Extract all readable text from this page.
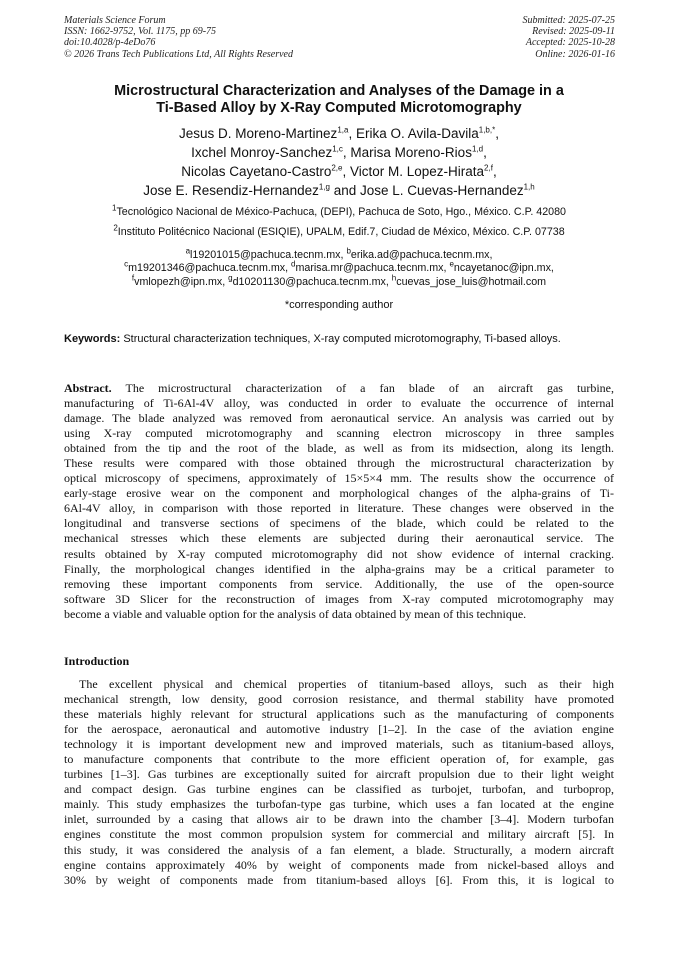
Materials Science Forum
ISSN: 1662-9752, Vol. 1175, pp 69-75
doi:10.4028/p-4eDo76
© 2026 Trans Tech Publications Ltd, All Rights Reserved
Submitted: 2025-07-25
Revised: 2025-09-11
Accepted: 2025-10-28
Online: 2026-01-16
Microstructural Characterization and Analyses of the Damage in a
Ti-Based Alloy by X-Ray Computed Microtomography
Jesus D. Moreno-Martinez$^{1,a}$, Erika O. Avila-Davila$^{1,b,*}$,
Ixchel Monroy-Sanchez$^{1,c}$, Marisa Moreno-Rios$^{1,d}$,
Nicolas Cayetano-Castro$^{2,e}$, Victor M. Lopez-Hirata$^{2,f}$,
Jose E. Resendiz-Hernandez$^{1,g}$ and Jose L. Cuevas-Hernandez$^{1,h}$
$^1$Tecnológico Nacional de México-Pachuca, (DEPI), Pachuca de Soto, Hgo., México. C.P. 42080
$^2$Instituto Politécnico Nacional (ESIQIE), UPALM, Edif.7, Ciudad de México, México. C.P. 07738
$^a$l19201015@pachuca.tecnm.mx, $^b$erika.ad@pachuca.tecnm.mx,
$^c$m19201346@pachuca.tecnm.mx, $^d$marisa.mr@pachuca.tecnm.mx, $^e$ncayetanoc@ipn.mx,
$^f$vmlopezh@ipn.mx, $^g$d10201130@pachuca.tecnm.mx, $^h$cuevas_jose_luis@hotmail.com
*corresponding author
Keywords: Structural characterization techniques, X-ray computed microtomography, Ti-based alloys.
Abstract. The microstructural characterization of a fan blade of an aircraft gas turbine,
manufacturing of Ti-6Al-4V alloy, was conducted in order to evaluate the occurrence of internal
damage. The blade analyzed was removed from aeronautical service. An analysis was carried out by
using X-ray computed microtomography and scanning electron microscopy in three samples
obtained from the tip and the root of the blade, as well as from its midsection, along its length.
These results were compared with those obtained through the microstructural characterization by
optical microscopy of specimens, approximately of 15×5×4 mm. The results show the occurrence of
early-stage erosive wear on the component and morphological changes of the alpha-grains of Ti-
6Al-4V alloy, in comparison with those reported in literature. These changes were observed in the
longitudinal and transverse sections of specimens of the blade, which could be related to the
mechanical stresses which these elements are subjected during their aeronautical service. The
results obtained by X-ray computed microtomography did not show evidence of internal cracking.
Finally, the morphological changes identified in the alpha-grains may be a critical parameter to
removing these important components from service. Additionally, the use of the open-source
software 3D Slicer for the reconstruction of images from X-ray computed microtomography may
become a viable and valuable option for the analysis of data obtained by mean of this technique.
Introduction
The excellent physical and chemical properties of titanium-based alloys, such as their high
mechanical strength, low density, good corrosion resistance, and thermal stability have promoted
these materials highly relevant for structural applications such as the manufacturing of components
for the aerospace, aeronautical and automotive industry [1–2]. In the case of the aviation engine
technology it is important development new and improved materials, such as titanium-based alloys,
to manufacture components that contribute to the more efficient operation of, for example, gas
turbines [1–3]. Gas turbines are exceptionally suited for aircraft propulsion due to their light weight
and compact design. Gas turbine engines can be classified as turbojet, turbofan, and turboprop,
mainly. This study emphasizes the turbofan-type gas turbine, which uses a fan located at the engine
inlet, surrounded by a casing that allows air to be drawn into the chamber [3–4]. Modern turbofan
engines constitute the most common propulsion system for commercial and military aircraft [5]. In
this study, it was considered the analysis of a fan element, a blade. Structurally, a modern aircraft
engine contains approximately 40% by weight of components made from nickel-based alloys and
30% by weight of components made from titanium-based alloys [6]. From this, it is logical to
